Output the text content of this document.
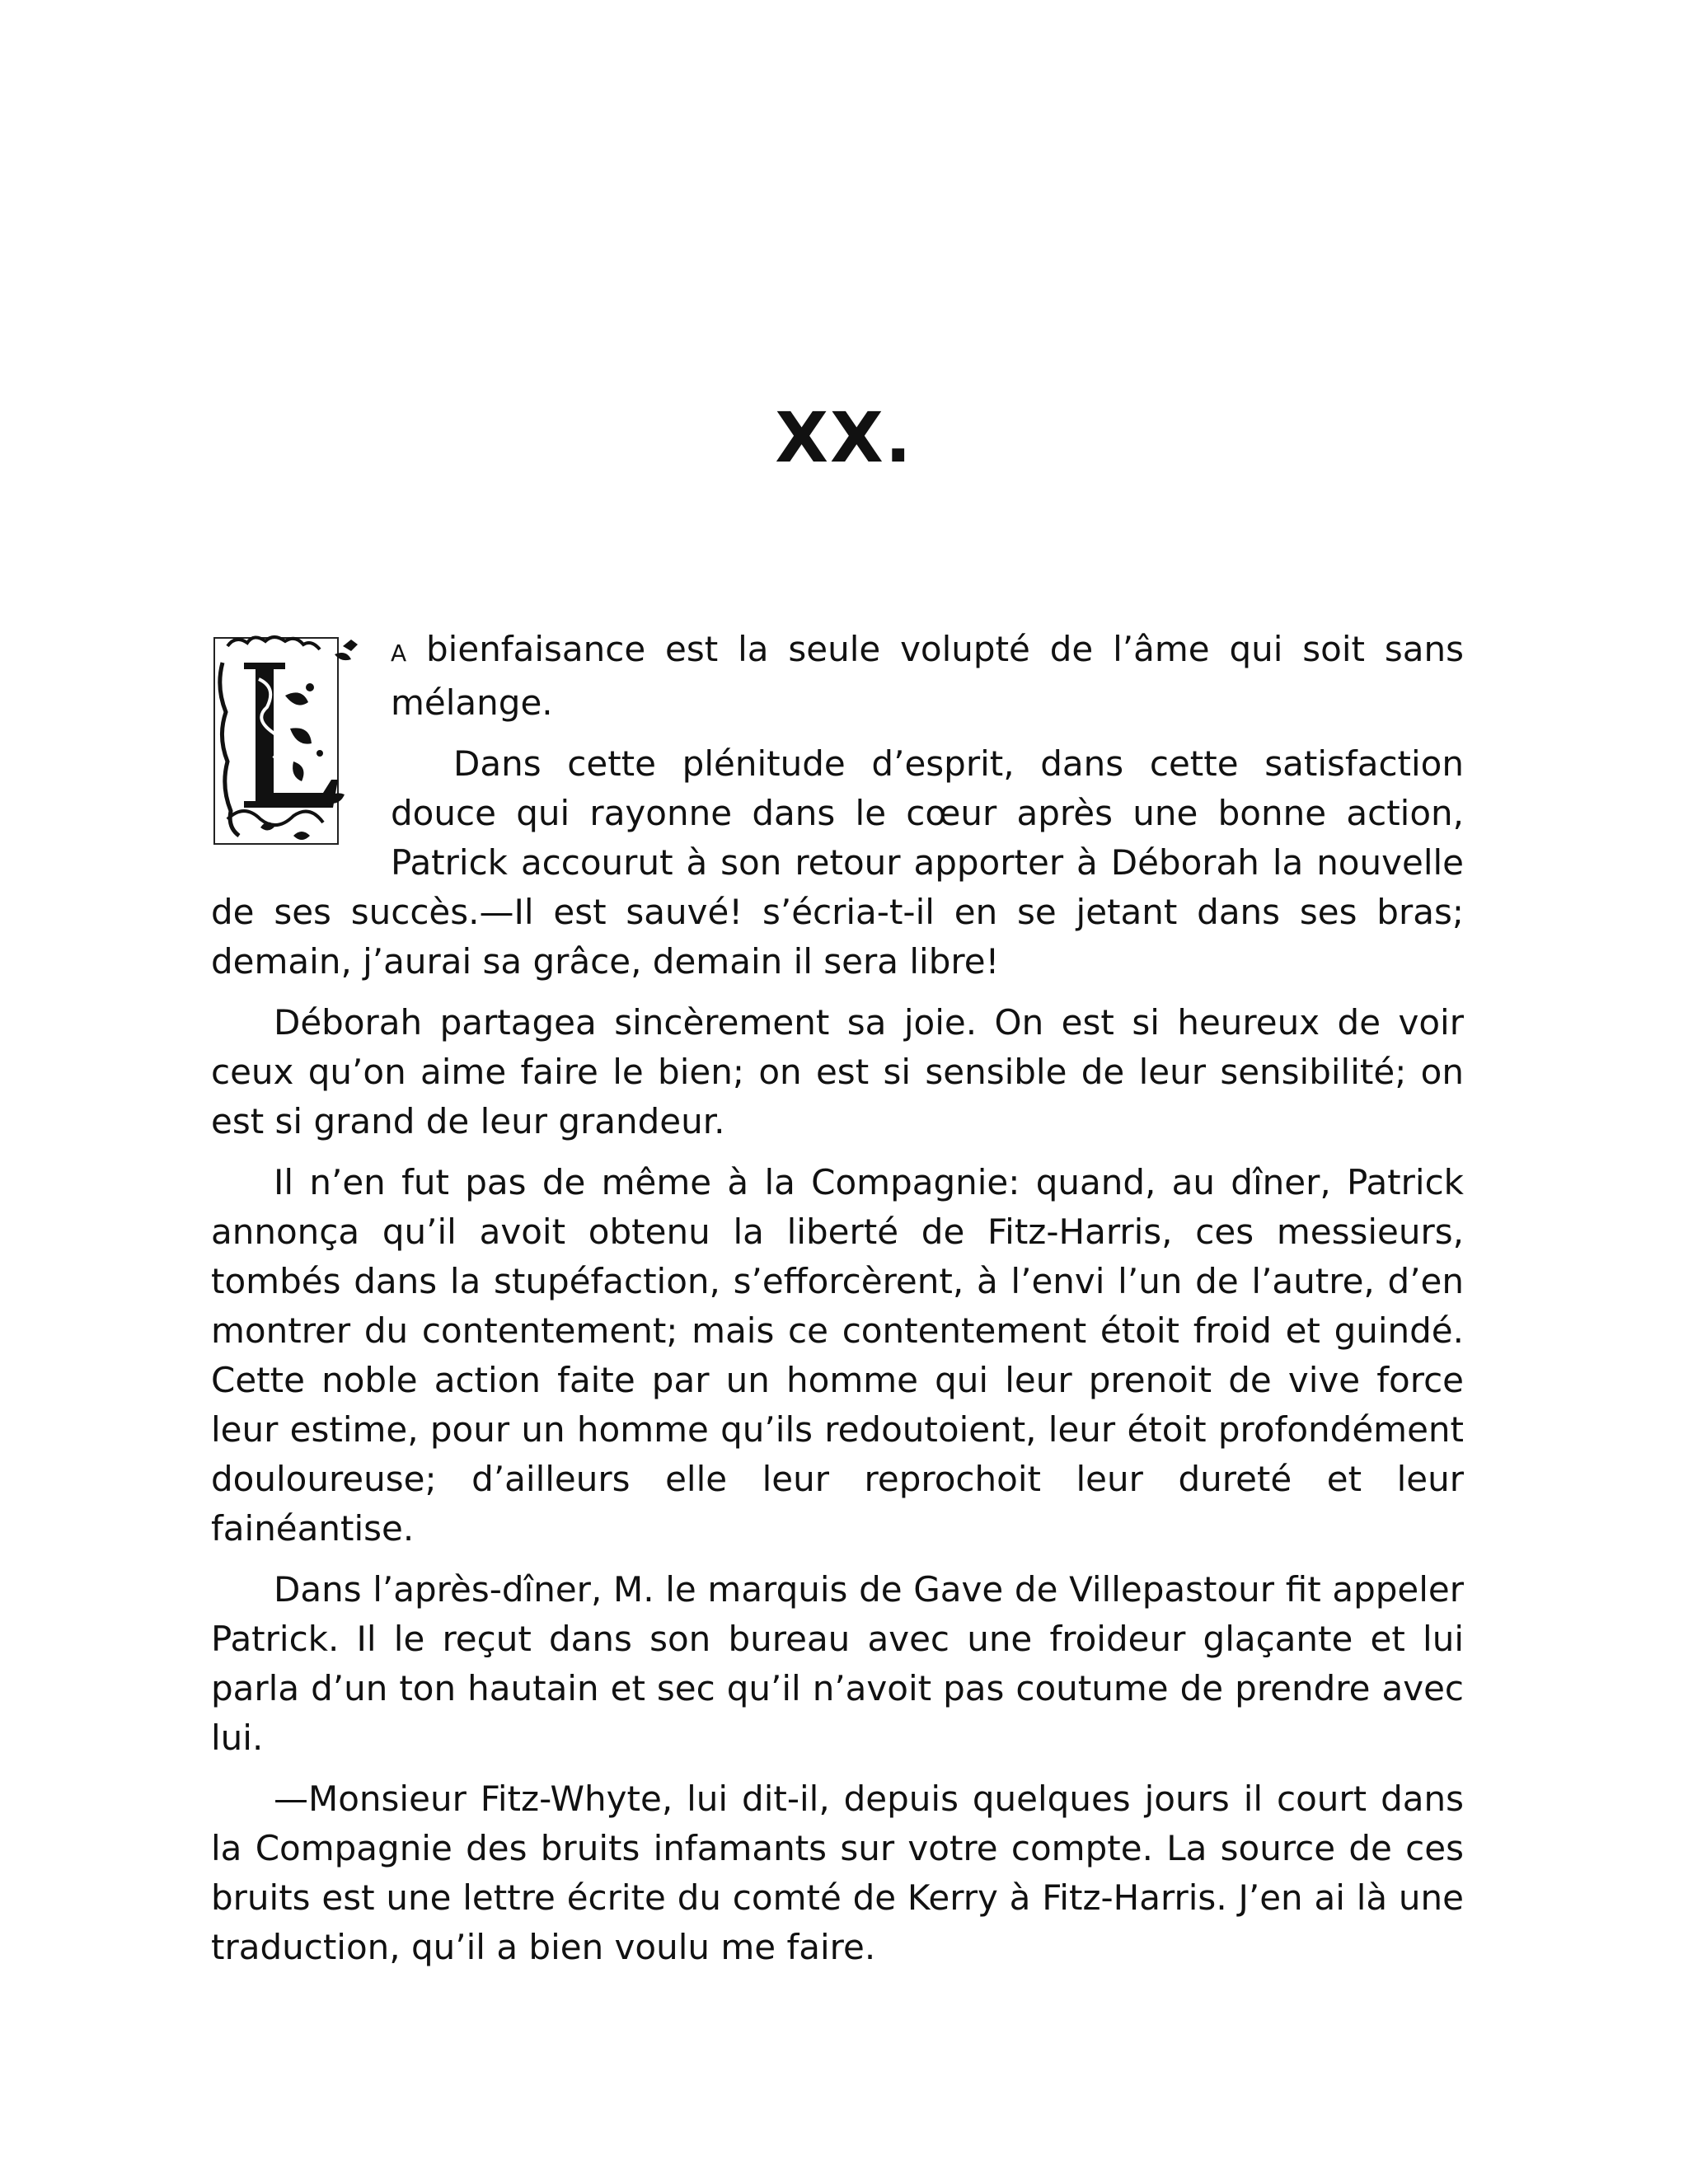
XX.

A bienfaisance est la seule volupté de l’âme qui soit sans mélange.

Dans cette plénitude d’esprit, dans cette satisfaction douce qui rayonne dans le cœur après une bonne action, Patrick accourut à son retour apporter à Déborah la nouvelle de ses succès.—Il est sauvé! s’écria-t-il en se jetant dans ses bras; demain, j’aurai sa grâce, demain il sera libre!

Déborah partagea sincèrement sa joie. On est si heureux de voir ceux qu’on aime faire le bien; on est si sensible de leur sensibilité; on est si grand de leur grandeur.

Il n’en fut pas de même à la Compagnie: quand, au dîner, Patrick annonça qu’il avoit obtenu la liberté de Fitz-Harris, ces messieurs, tombés dans la stupéfaction, s’efforcèrent, à l’envi l’un de l’autre, d’en montrer du contentement; mais ce contentement étoit froid et guindé. Cette noble action faite par un homme qui leur prenoit de vive force leur estime, pour un homme qu’ils redoutoient, leur étoit profondément douloureuse; d’ailleurs elle leur reprochoit leur dureté et leur fainéantise.

Dans l’après-dîner, M. le marquis de Gave de Villepastour fit appeler Patrick. Il le reçut dans son bureau avec une froideur glaçante et lui parla d’un ton hautain et sec qu’il n’avoit pas coutume de prendre avec lui.

—Monsieur Fitz-Whyte, lui dit-il, depuis quelques jours il court dans la Compagnie des bruits infamants sur votre compte. La source de ces bruits est une lettre écrite du comté de Kerry à Fitz-Harris. J’en ai là une traduction, qu’il a bien voulu me faire.
